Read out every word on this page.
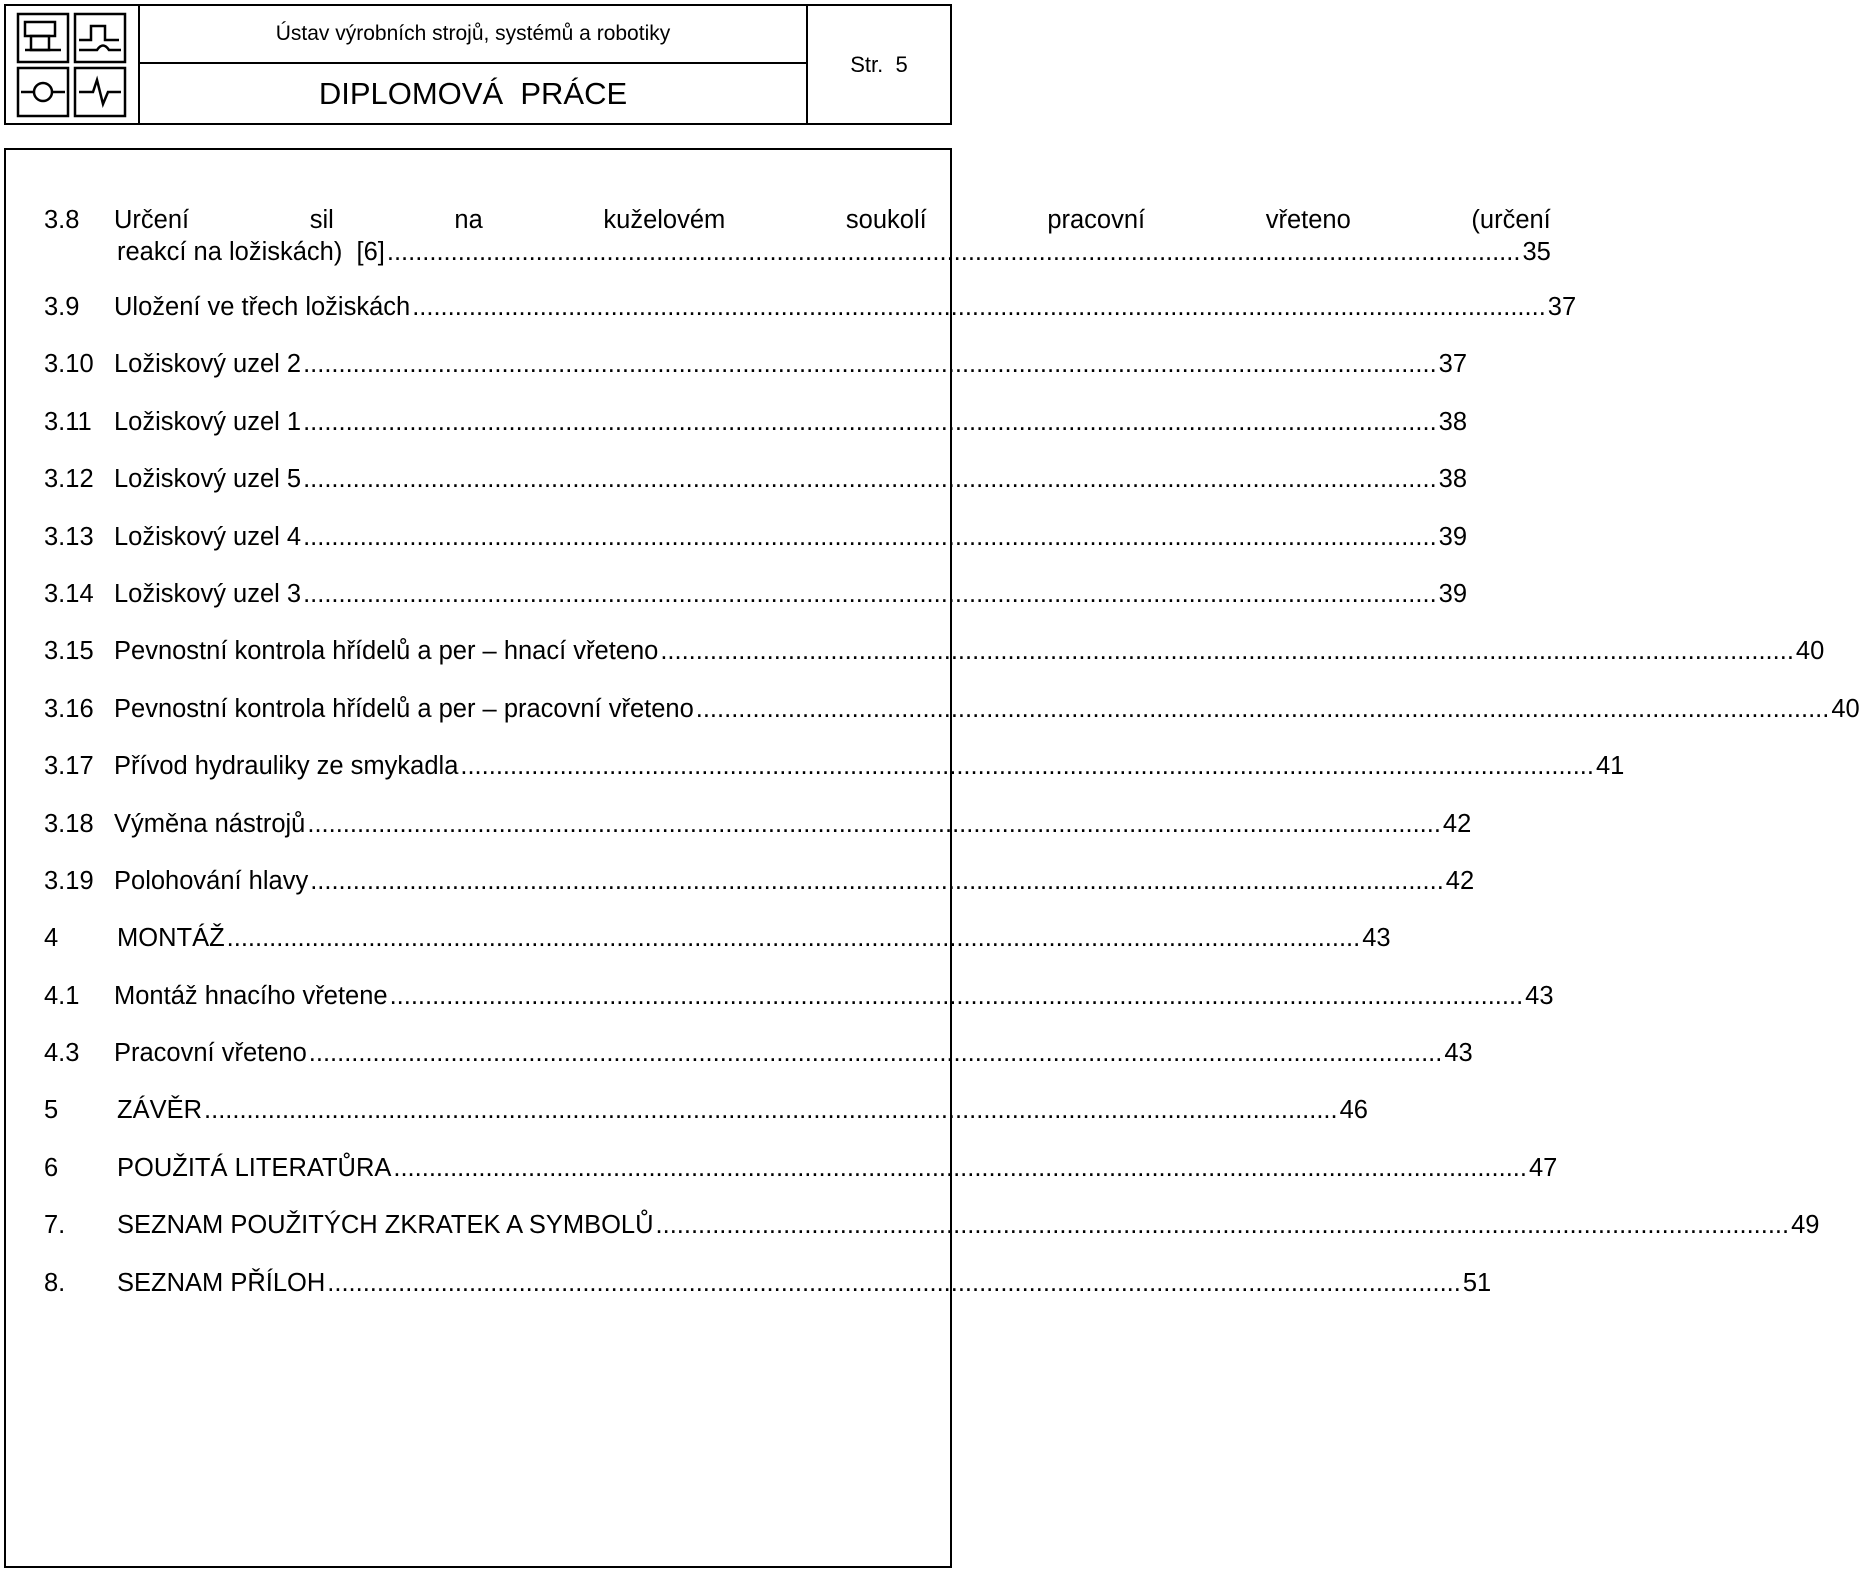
Ústav výrobních strojů, systémů a robotiky
DIPLOMOVÁ  PRÁCE
Str.  5
3.8	Určení	sil	na	kuželovém	soukolí	pracovní	vřeteno	(určení
reakcí na ložiskách)  [6] .....	35
3.9	Uložení ve třech ložiskách .....	37
3.10 Ložiskový uzel 2 .....	37
3.11 Ložiskový uzel 1 .....	38
3.12 Ložiskový uzel 5 .....	38
3.13 Ložiskový uzel 4 .....	39
3.14 Ložiskový uzel 3 .....	39
3.15 Pevnostní kontrola hřídelů a per – hnací vřeteno .....	40
3.16 Pevnostní kontrola hřídelů a per – pracovní vřeteno .....	40
3.17 Přívod hydrauliky ze smykadla .....	41
3.18 Výměna nástrojů .....	42
3.19 Polohování hlavy .....	42
4	MONTÁŽ .....	43
4.1	Montáž hnacího vřetene .....	43
4.3	Pracovní vřeteno .....	43
5	ZÁVĚR .....	46
6	POUŽITÁ LITERATŮRA .....	47
7.	SEZNAM POUŽITÝCH ZKRATEK A SYMBOLŮ .....	49
8.	SEZNAM PŘÍLOH .....	51
